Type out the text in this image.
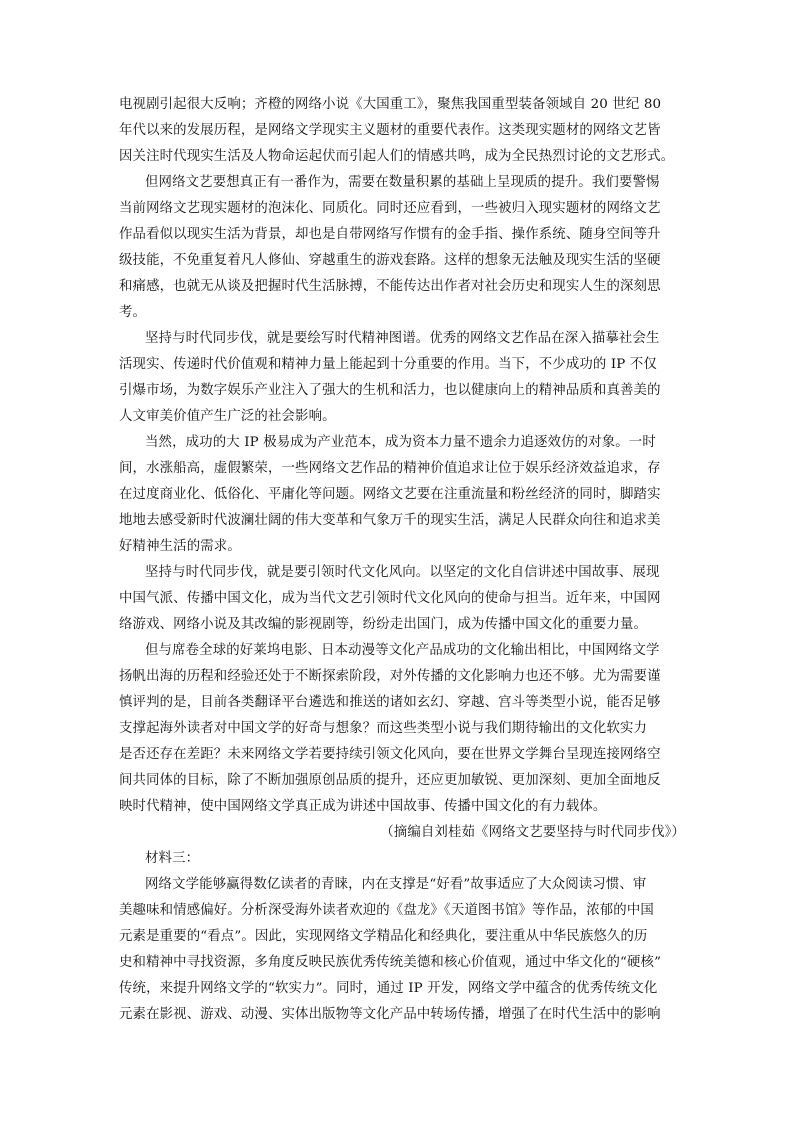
电视剧引起很大反响；齐橙的网络小说《大国重工》，聚焦我国重型装备领域自 20 世纪 80
年代以来的发展历程，是网络文学现实主义题材的重要代表作。这类现实题材的网络文艺皆
因关注时代现实生活及人物命运起伏而引起人们的情感共鸣，成为全民热烈讨论的文艺形式。
但网络文艺要想真正有一番作为，需要在数量积累的基础上呈现质的提升。我们要警惕
当前网络文艺现实题材的泡沫化、同质化。同时还应看到，一些被归入现实题材的网络文艺
作品看似以现实生活为背景，却也是自带网络写作惯有的金手指、操作系统、随身空间等升
级技能，不免重复着凡人修仙、穿越重生的游戏套路。这样的想象无法触及现实生活的坚硬
和痛感，也就无从谈及把握时代生活脉搏，不能传达出作者对社会历史和现实人生的深刻思
考。
坚持与时代同步伐，就是要绘写时代精神图谱。优秀的网络文艺作品在深入描摹社会生
活现实、传递时代价值观和精神力量上能起到十分重要的作用。当下，不少成功的 IP 不仅
引爆市场，为数字娱乐产业注入了强大的生机和活力，也以健康向上的精神品质和真善美的
人文审美价值产生广泛的社会影响。
当然，成功的大 IP 极易成为产业范本，成为资本力量不遗余力追逐效仿的对象。一时
间，水涨船高，虚假繁荣，一些网络文艺作品的精神价值追求让位于娱乐经济效益追求，存
在过度商业化、低俗化、平庸化等问题。网络文艺要在注重流量和粉丝经济的同时，脚踏实
地地去感受新时代波澜壮阔的伟大变革和气象万千的现实生活，满足人民群众向往和追求美
好精神生活的需求。
坚持与时代同步伐，就是要引领时代文化风向。以坚定的文化自信讲述中国故事、展现
中国气派、传播中国文化，成为当代文艺引领时代文化风向的使命与担当。近年来，中国网
络游戏、网络小说及其改编的影视剧等，纷纷走出国门，成为传播中国文化的重要力量。
但与席卷全球的好莱坞电影、日本动漫等文化产品成功的文化输出相比，中国网络文学
扬帆出海的历程和经验还处于不断探索阶段，对外传播的文化影响力也还不够。尤为需要谨
慎评判的是，目前各类翻译平台遴选和推送的诸如玄幻、穿越、宫斗等类型小说，能否足够
支撑起海外读者对中国文学的好奇与想象？而这些类型小说与我们期待输出的文化软实力
是否还存在差距？未来网络文学若要持续引领文化风向，要在世界文学舞台呈现连接网络空
间共同体的目标，除了不断加强原创品质的提升，还应更加敏锐、更加深刻、更加全面地反
映时代精神，使中国网络文学真正成为讲述中国故事、传播中国文化的有力载体。
（摘编自刘桂茹《网络文艺要坚持与时代同步伐》）
材料三：
网络文学能够赢得数亿读者的青睐，内在支撑是“好看”故事适应了大众阅读习惯、审
美趣味和情感偏好。分析深受海外读者欢迎的《盘龙》《天道图书馆》等作品，浓郁的中国
元素是重要的“看点”。因此，实现网络文学精品化和经典化，要注重从中华民族悠久的历
史和精神中寻找资源，多角度反映民族优秀传统美德和核心价值观，通过中华文化的“硬核”
传统，来提升网络文学的“软实力”。同时，通过 IP 开发，网络文学中蕴含的优秀传统文化
元素在影视、游戏、动漫、实体出版物等文化产品中转场传播，增强了在时代生活中的影响
